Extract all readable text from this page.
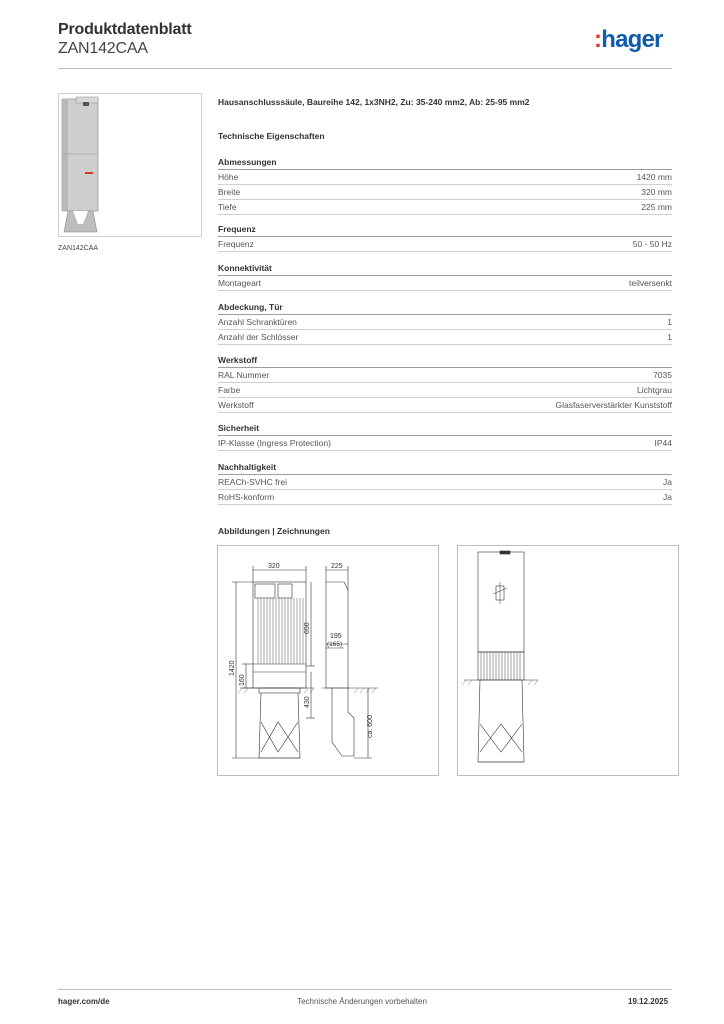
Produktdatenblatt
ZAN142CAA	:hager
ZAN142CAA
Hausanschlusssäule, Baureihe 142, 1x3NH2, Zu: 35-240 mm2, Ab: 25-95 mm2
Technische Eigenschaften
Abmessungen
Höhe	1420 mm
Breite	320 mm
Tiefe	225 mm
Frequenz
Frequenz	50 - 50 Hz
Konnektivität
Montageart	teilversenkt
Abdeckung, Tür
Anzahl Schranktüren	1
Anzahl der Schlösser	1
Werkstoff
RAL Nummer	7035
Farbe	Lichtgrau
Werkstoff	Glasfaserverstärkter Kunststoff
Sicherheit
IP-Klasse (Ingress Protection)	IP44
Nachhaltigkeit
REACh-SVHC frei	Ja
RoHS-konform	Ja
Abbildungen | Zeichnungen
320
1420
160
650
430
225
195
(165)
ca. 600
hager.com/de	Technische Änderungen vorbehalten	19.12.2025
